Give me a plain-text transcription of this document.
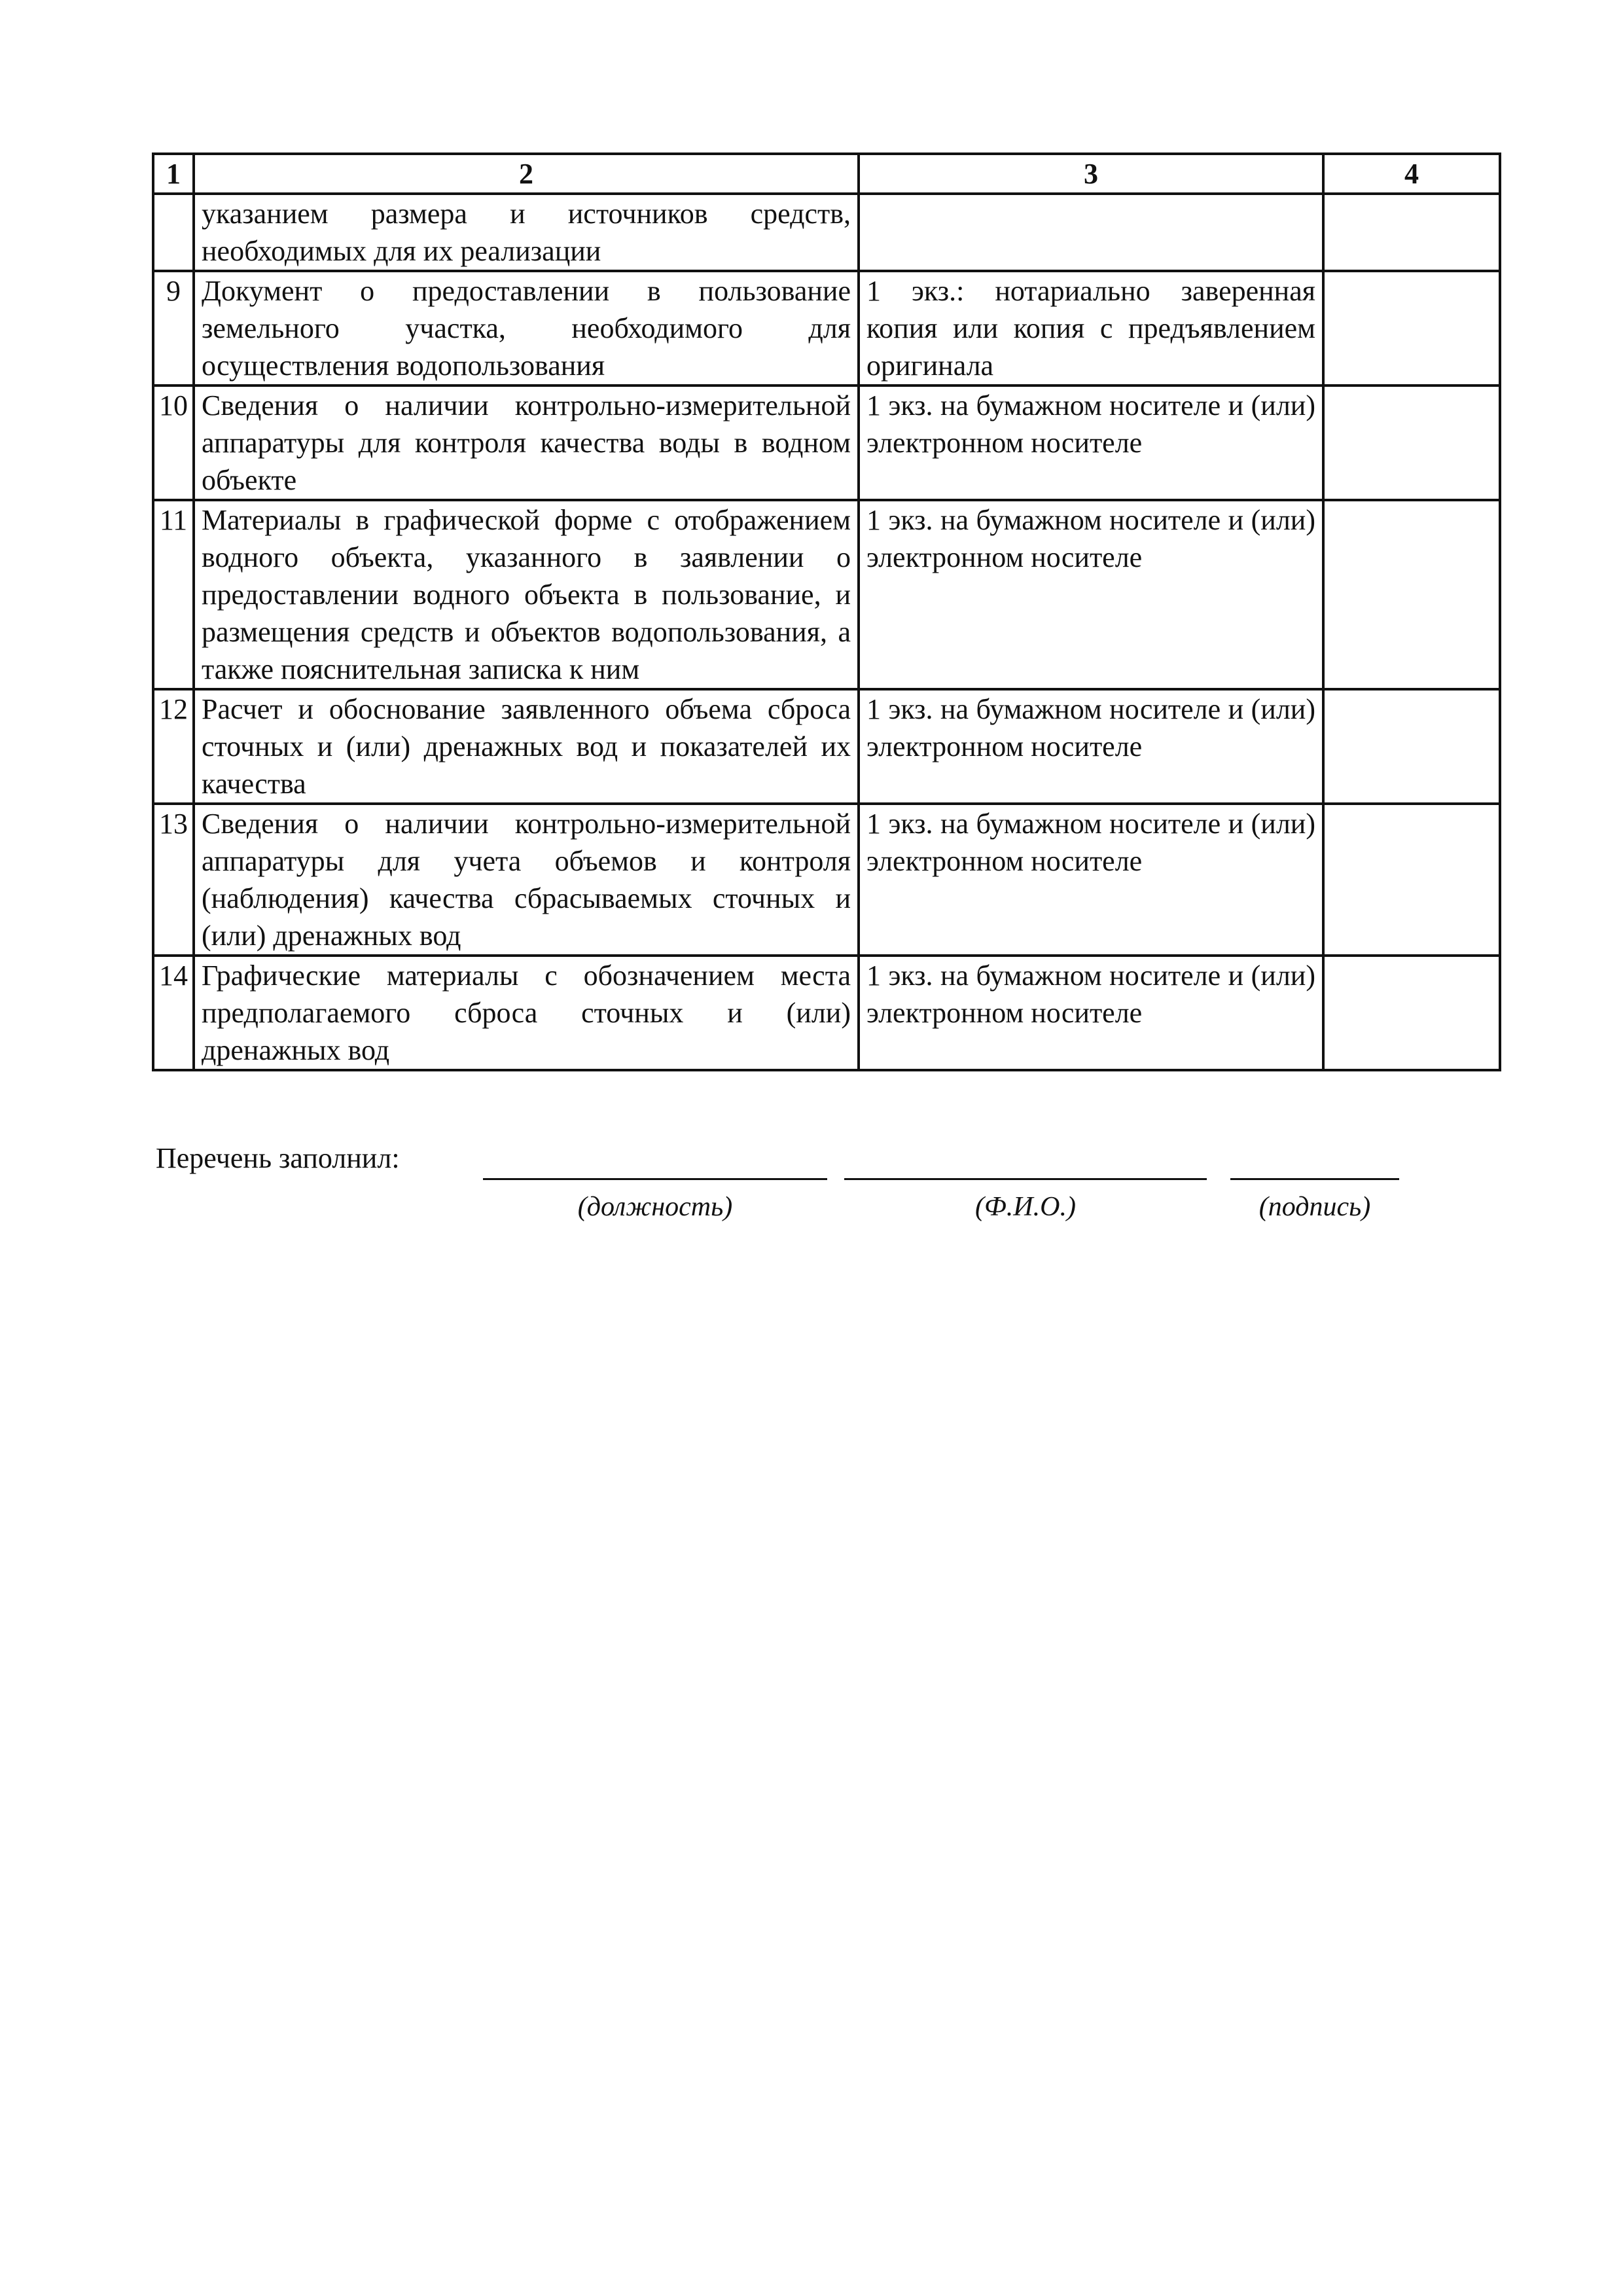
1	2	3	4
	указанием размера и источников средств, необходимых для их реализации		
9	Документ о предоставлении в пользование земельного участка, необходимого для осуществления водопользования	1 экз.: нотариально заверенная копия или копия с предъявлением оригинала	
10	Сведения о наличии контрольно-измерительной аппаратуры для контроля качества воды в водном объекте	1 экз. на бумажном носителе и (или) электронном носителе	
11	Материалы в графической форме с отображением водного объекта, указанного в заявлении о предоставлении водного объекта в пользование, и размещения средств и объектов водопользования, а также пояснительная записка к ним	1 экз. на бумажном носителе и (или) электронном носителе	
12	Расчет и обоснование заявленного объема сброса сточных и (или) дренажных вод и показателей их качества	1 экз. на бумажном носителе и (или) электронном носителе	
13	Сведения о наличии контрольно-измерительной аппаратуры для учета объемов и контроля (наблюдения) качества сбрасываемых сточных и (или) дренажных вод	1 экз. на бумажном носителе и (или) электронном носителе	
14	Графические материалы с обозначением места предполагаемого сброса сточных и (или) дренажных вод	1 экз. на бумажном носителе и (или) электронном носителе	
Перечень заполнил:
(должность)	(Ф.И.О.)	(подпись)
